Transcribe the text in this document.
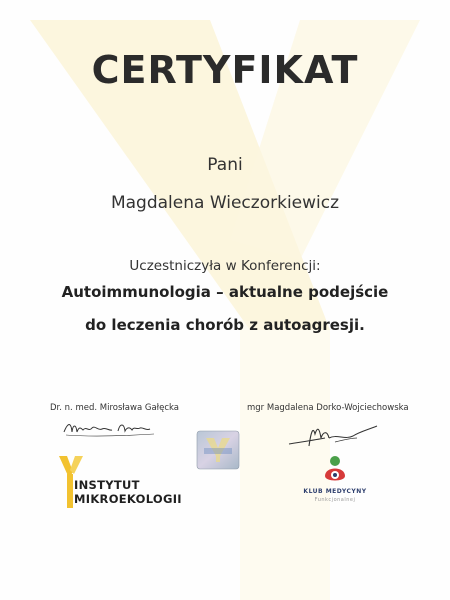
CERTYFIKAT
Pani
Magdalena Wieczorkiewicz
Uczestniczyła w Konferencji:
Autoimmunologia – aktualne podejście
do leczenia chorób z autoagresji.
Dr. n. med. Mirosława Gałęcka	mgr Magdalena Dorko-Wojciechowska
INSTYTUT
MIKROEKOLOGII
KLUB MEDYCYNY
Funkcjonalnej
